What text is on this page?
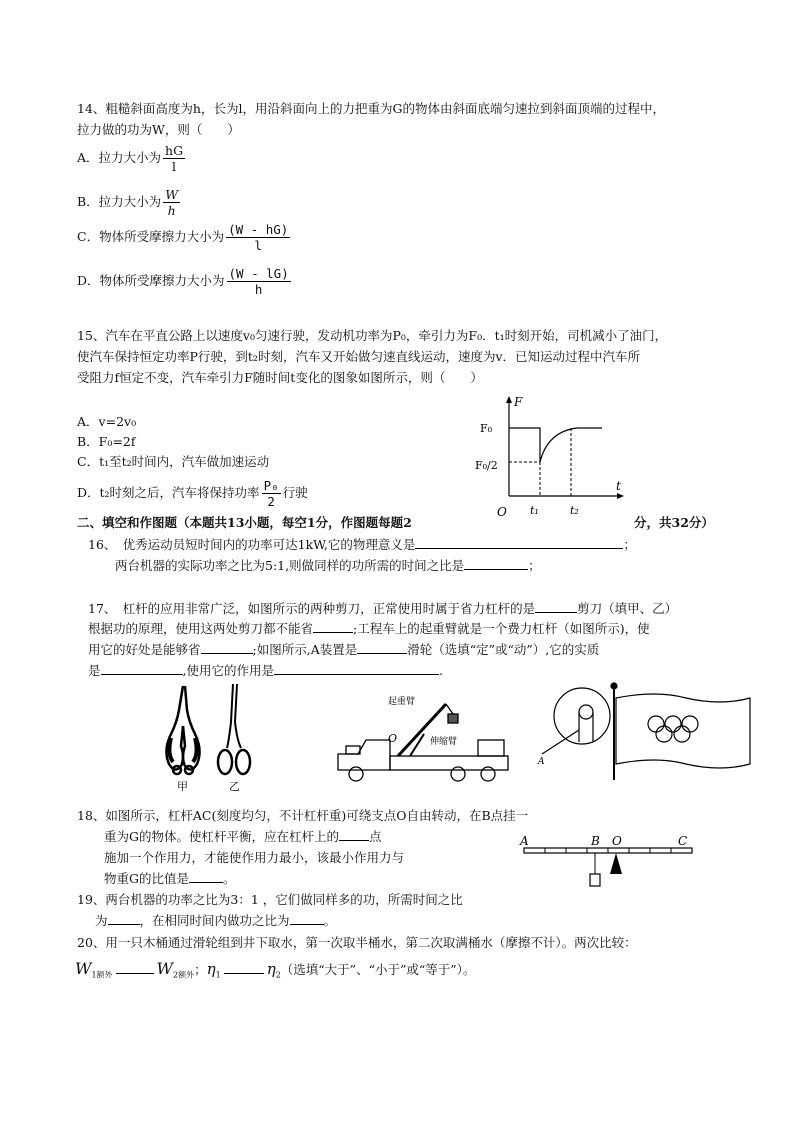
14、粗糙斜面高度为h，长为l，用沿斜面向上的力把重为G的物体由斜面底端匀速拉到斜面顶端的过程中，
拉力做的功为W，则（　　）
A．拉力大小为 $\frac{hG}{l}$
B．拉力大小为 $\frac{W}{h}$
C．物体所受摩擦力大小为 $\frac{(W - hG)}{l}$
D．物体所受摩擦力大小为 $\frac{(W - lG)}{h}$
15、汽车在平直公路上以速度v₀匀速行驶，发动机功率为P₀，牵引力为F₀．t₁时刻开始，司机减小了油门，
使汽车保持恒定功率P行驶，到t₂时刻，汽车又开始做匀速直线运动，速度为v．已知运动过程中汽车所
受阻力f恒定不变，汽车牵引力F随时间t变化的图象如图所示，则（　　）
A．v=2v₀
B．F₀=2f
C．t₁至t₂时间内，汽车做加速运动
D．t₂时刻之后，汽车将保持功率 $\frac{\text{P₀}}{2}$ 行驶
F
t
O
F₀
F₀/2
t₁	t₂
二、填空和作图题（本题共13小题，每空1分，作图题每题2	分，共32分）
16、　优秀运动员短时间内的功率可达1kW,它的物理意义是	；
两台机器的实际功率之比为5:1,则做同样的功所需的时间之比是	；
17、　杠杆的应用非常广泛，如图所示的两种剪刀，正常使用时属于省力杠杆的是	剪刀（填甲、乙）
根据功的原理，使用这两处剪刀都不能省	;工程车上的起重臂就是一个费力杠杆（如图所示)，使
用它的好处是能够省	;如图所示,A装置是	滑轮（选填“定”或“动”）,它的实质
是	,使用它的作用是	.
甲	乙
起重臂
伸缩臂
O
A
18、如图所示，杠杆AC(刻度均匀，不计杠杆重)可绕支点O自由转动，在B点挂一
重为G的物体。使杠杆平衡，应在杠杆上的 点
施加一个作用力，才能使作用力最小，该最小作用力与
物重G的比值是	。
A	B O	C
19、两台机器的功率之比为3：1 ，它们做同样多的功，所需时间之比
为	，在相同时间内做功之比为	。
20、用一只木桶通过滑轮组到井下取水，第一次取半桶水，第二次取满桶水（摩擦不计）。两次比较：
$W_{1额外}$	$W_{2额外}$；$\eta_1$	$\eta_2$（选填“大于”、“小于”或“等于”）。
